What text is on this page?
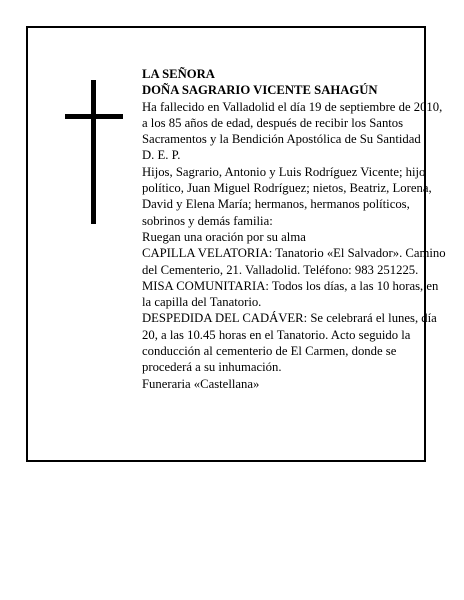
LA SEÑORA

DOÑA SAGRARIO VICENTE SAHAGÚN

Ha fallecido en Valladolid el día 19 de septiembre de 2010, a los 85 años de edad, después de recibir los Santos Sacramentos y la Bendición Apostólica de Su Santidad

D. E. P.

Hijos, Sagrario, Antonio y Luis Rodríguez Vicente; hijo político, Juan Miguel Rodríguez; nietos, Beatriz, Lorena, David y Elena María; hermanos, hermanos políticos, sobrinos y demás familia:

Ruegan una oración por su alma

CAPILLA VELATORIA: Tanatorio «El Salvador». Camino del Cementerio, 21. Valladolid. Teléfono: 983 251225.

MISA COMUNITARIA: Todos los días, a las 10 horas, en la capilla del Tanatorio.

DESPEDIDA DEL CADÁVER: Se celebrará el lunes, día 20, a las 10.45 horas en el Tanatorio. Acto seguido la conducción al cementerio de El Carmen, donde se procederá a su inhumación.

Funeraria «Castellana»
